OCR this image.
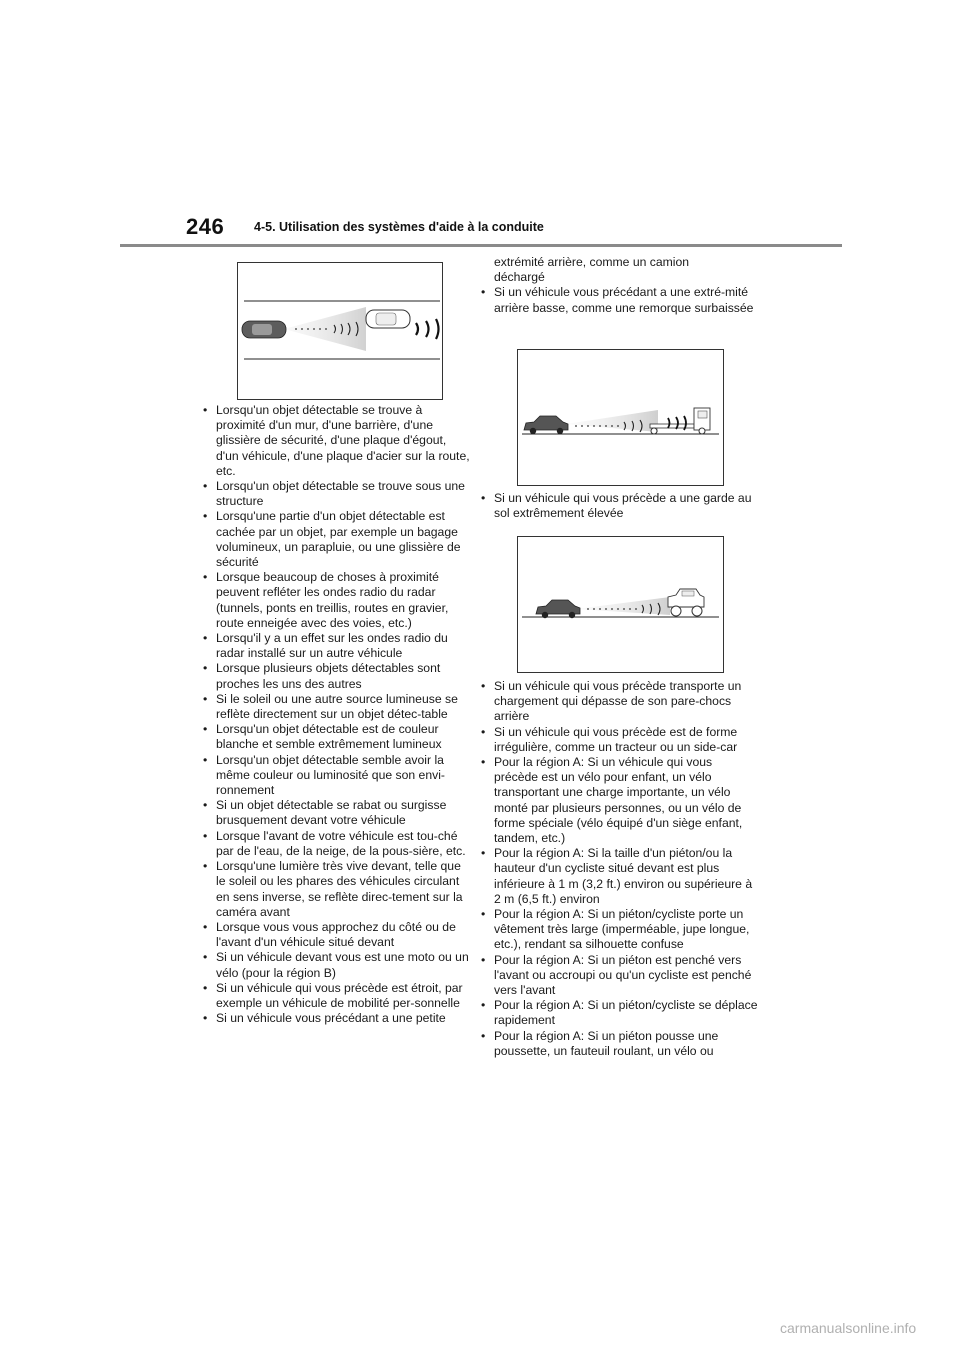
246 4-5. Utilisation des systèmes d'aide à la conduite
• Lorsqu'un objet détectable se trouve à proximité d'un mur, d'une barrière, d'une glissière de sécurité, d'une plaque d'égout, d'un véhicule, d'une plaque d'acier sur la route, etc.
• Lorsqu'un objet détectable se trouve sous une structure
• Lorsqu'une partie d'un objet détectable est cachée par un objet, par exemple un bagage volumineux, un parapluie, ou une glissière de sécurité
• Lorsque beaucoup de choses à proximité peuvent refléter les ondes radio du radar (tunnels, ponts en treillis, routes en gravier, route enneigée avec des voies, etc.)
• Lorsqu'il y a un effet sur les ondes radio du radar installé sur un autre véhicule
• Lorsque plusieurs objets détectables sont proches les uns des autres
• Si le soleil ou une autre source lumineuse se reflète directement sur un objet détec-table
• Lorsqu'un objet détectable est de couleur blanche et semble extrêmement lumineux
• Lorsqu'un objet détectable semble avoir la même couleur ou luminosité que son envi-ronnement
• Si un objet détectable se rabat ou surgisse brusquement devant votre véhicule
• Lorsque l'avant de votre véhicule est tou-ché par de l'eau, de la neige, de la pous-sière, etc.
• Lorsqu'une lumière très vive devant, telle que le soleil ou les phares des véhicules circulant en sens inverse, se reflète direc-tement sur la caméra avant
• Lorsque vous vous approchez du côté ou de l'avant d'un véhicule situé devant
• Si un véhicule devant vous est une moto ou un vélo (pour la région B)
• Si un véhicule qui vous précède est étroit, par exemple un véhicule de mobilité per-sonnelle
• Si un véhicule vous précédant a une petite
extrémité arrière, comme un camion
déchargé
• Si un véhicule vous précédant a une extré-mité arrière basse, comme une remorque surbaissée
• Si un véhicule qui vous précède a une garde au sol extrêmement élevée
• Si un véhicule qui vous précède transporte un chargement qui dépasse de son pare-chocs arrière
• Si un véhicule qui vous précède est de forme irrégulière, comme un tracteur ou un side-car
• Pour la région A: Si un véhicule qui vous précède est un vélo pour enfant, un vélo transportant une charge importante, un vélo monté par plusieurs personnes, ou un vélo de forme spéciale (vélo équipé d'un siège enfant, tandem, etc.)
• Pour la région A: Si la taille d'un piéton/ou la hauteur d'un cycliste situé devant est plus inférieure à 1 m (3,2 ft.) environ ou supérieure à 2 m (6,5 ft.) environ
• Pour la région A: Si un piéton/cycliste porte un vêtement très large (imperméable, jupe longue, etc.), rendant sa silhouette confuse
• Pour la région A: Si un piéton est penché vers l'avant ou accroupi ou qu'un cycliste est penché vers l'avant
• Pour la région A: Si un piéton/cycliste se déplace rapidement
• Pour la région A: Si un piéton pousse une poussette, un fauteuil roulant, un vélo ou
carmanualsonline.info
